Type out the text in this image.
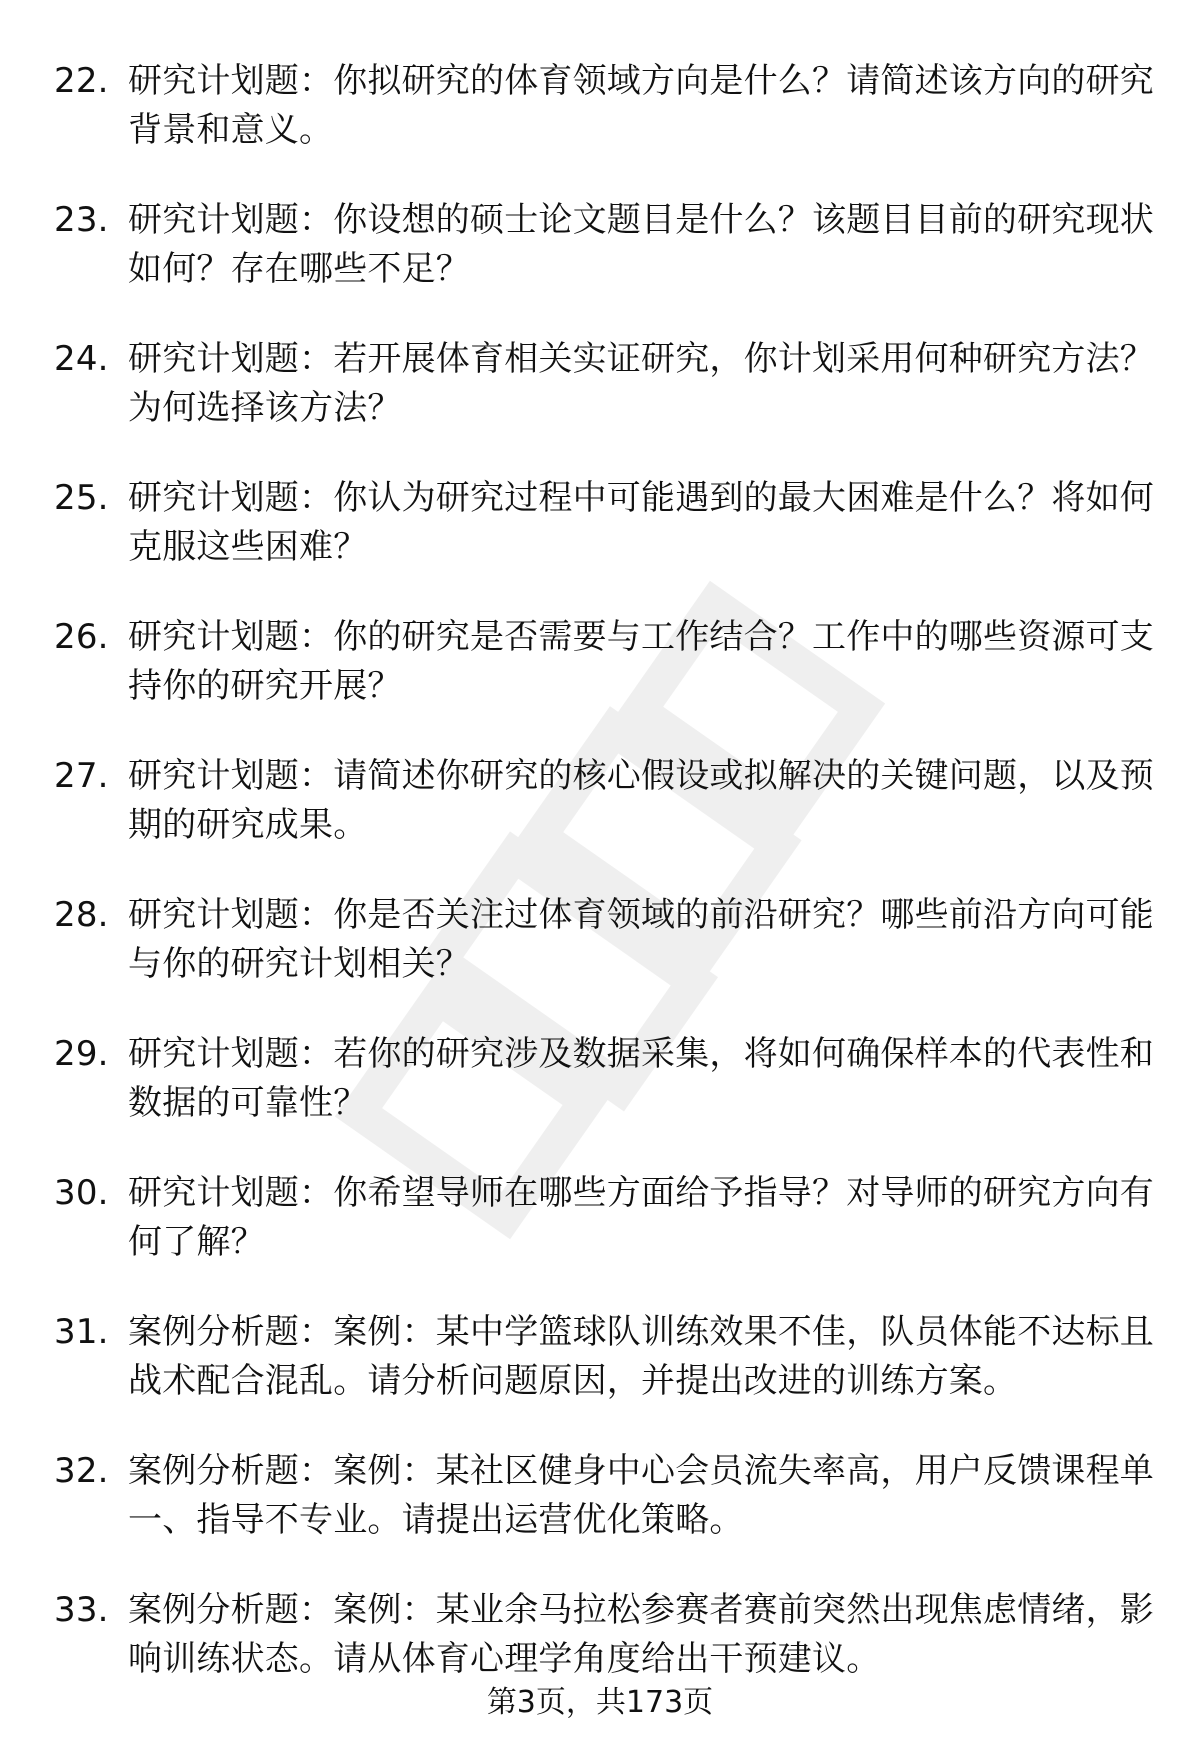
22. 研究计划题：你拟研究的体育领域方向是什么？请简述该方向的研究背景和意义。
23. 研究计划题：你设想的硕士论文题目是什么？该题目目前的研究现状如何？存在哪些不足？
24. 研究计划题：若开展体育相关实证研究，你计划采用何种研究方法？为何选择该方法？
25. 研究计划题：你认为研究过程中可能遇到的最大困难是什么？将如何克服这些困难？
26. 研究计划题：你的研究是否需要与工作结合？工作中的哪些资源可支持你的研究开展？
27. 研究计划题：请简述你研究的核心假设或拟解决的关键问题，以及预期的研究成果。
28. 研究计划题：你是否关注过体育领域的前沿研究？哪些前沿方向可能与你的研究计划相关？
29. 研究计划题：若你的研究涉及数据采集，将如何确保样本的代表性和数据的可靠性？
30. 研究计划题：你希望导师在哪些方面给予指导？对导师的研究方向有何了解？
31. 案例分析题：案例：某中学篮球队训练效果不佳，队员体能不达标且战术配合混乱。请分析问题原因，并提出改进的训练方案。
32. 案例分析题：案例：某社区健身中心会员流失率高，用户反馈课程单一、指导不专业。请提出运营优化策略。
33. 案例分析题：案例：某业余马拉松参赛者赛前突然出现焦虑情绪，影响训练状态。请从体育心理学角度给出干预建议。
第3页，共173页
